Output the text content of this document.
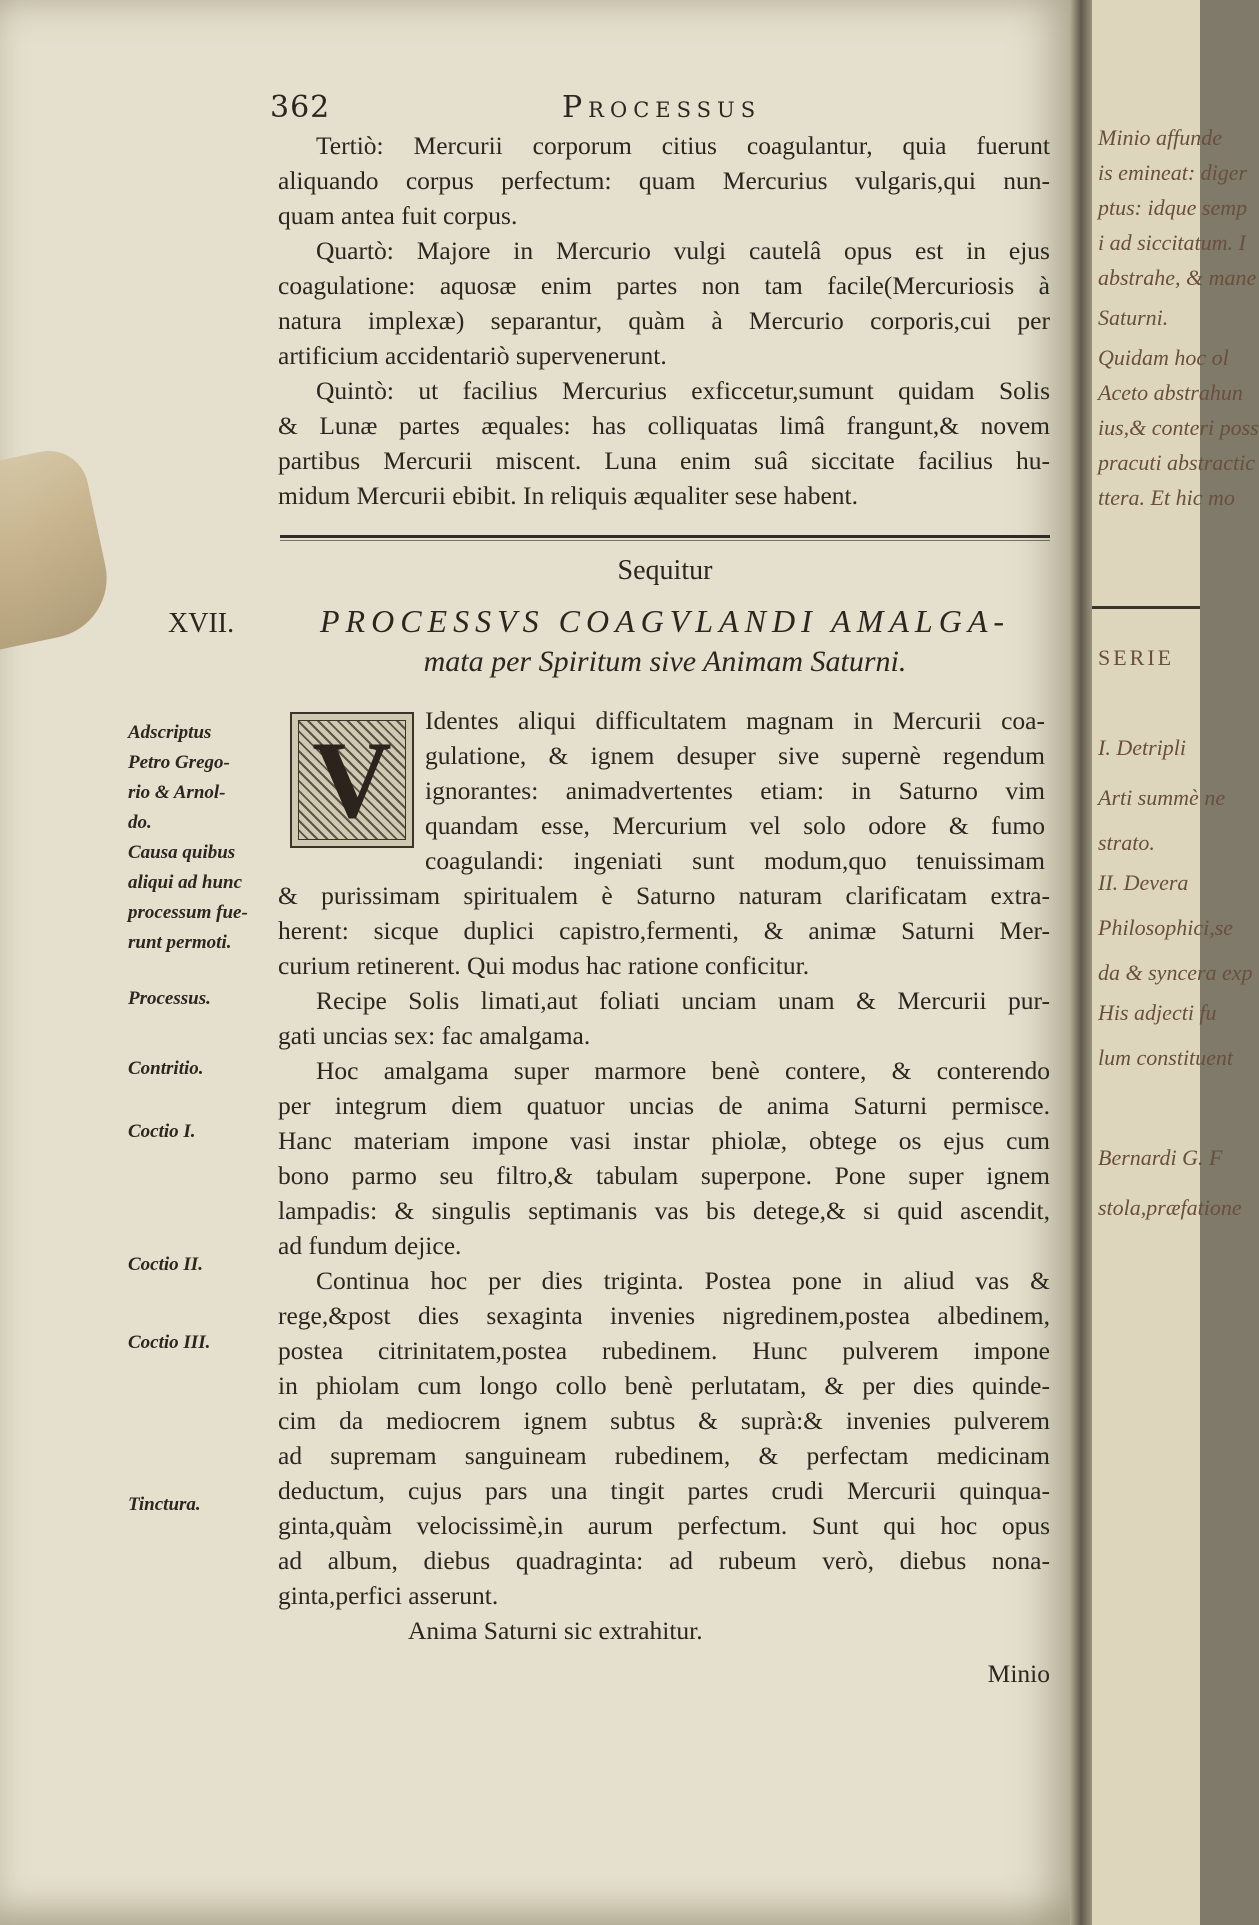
362	Processus
Tertiò: Mercurii corporum citius coagulantur, quia fuerunt
aliquando corpus perfectum: quam Mercurius vulgaris,qui nun-
quam antea fuit corpus.
Quartò: Majore in Mercurio vulgi cautelâ opus est in ejus
coagulatione: aquosæ enim partes non tam facile(Mercuriosis à
natura implexæ) separantur, quàm à Mercurio corporis,cui per
artificium accidentariò supervenerunt.
Quintò: ut facilius Mercurius exficcetur,sumunt quidam Solis
& Lunæ partes æquales: has colliquatas limâ frangunt,& novem
partibus Mercurii miscent. Luna enim suâ siccitate facilius hu-
midum Mercurii ebibit. In reliquis æqualiter sese habent.
Sequitur
XVII.	PROCESSVS COAGVLANDI AMALGA-
mata per Spiritum sive Animam Saturni.
V	Identes aliqui difficultatem magnam in Mercurii coa-
gulatione, & ignem desuper sive supernè regendum
ignorantes: animadvertentes etiam: in Saturno vim
quandam esse, Mercurium vel solo odore & fumo
coagulandi: ingeniati sunt modum,quo tenuissimam
& purissimam spiritualem è Saturno naturam clarificatam extra-
herent: sicque duplici capistro,fermenti, & animæ Saturni Mer-
curium retinerent. Qui modus hac ratione conficitur.
Recipe Solis limati,aut foliati unciam unam & Mercurii pur-
gati uncias sex: fac amalgama.
Hoc amalgama super marmore benè contere, & conterendo
per integrum diem quatuor uncias de anima Saturni permisce.
Hanc materiam impone vasi instar phiolæ, obtege os ejus cum
bono parmo seu filtro,& tabulam superpone. Pone super ignem
lampadis: & singulis septimanis vas bis detege,& si quid ascendit,
ad fundum dejice.
Continua hoc per dies triginta. Postea pone in aliud vas &
rege,&post dies sexaginta invenies nigredinem,postea albedinem,
postea citrinitatem,postea rubedinem. Hunc pulverem impone
in phiolam cum longo collo benè perlutatam, & per dies quinde-
cim da mediocrem ignem subtus & suprà:& invenies pulverem
ad supremam sanguineam rubedinem, & perfectam medicinam
deductum, cujus pars una tingit partes crudi Mercurii quinqua-
ginta,quàm velocissimè,in aurum perfectum. Sunt qui hoc opus
ad album, diebus quadraginta: ad rubeum verò, diebus nona-
ginta,perfici asserunt.
Anima Saturni sic extrahitur.
Minio
Adscriptus
Petro Grego-
rio & Arnol-
do.
Causa quibus
aliqui ad hunc
processum fue-
runt permoti.
Processus.
Contritio.
Coctio I.
Coctio II.
Coctio III.
Tinctura.
Minio affunde
is emineat: diger
ptus: idque semp
i ad siccitatum. I
abstrahe, & mane
Saturni.
Quidam hoc ol
Aceto abstrahun
ius,& conteri poss
pracuti abstractic
ttera. Et hic mo
SERIE
I. Detripli
Arti summè ne
strato.
II. Devera
Philosophici,se
da & syncera exp
His adjecti fu
lum constituent
Bernardi G. F
stola,præfatione
